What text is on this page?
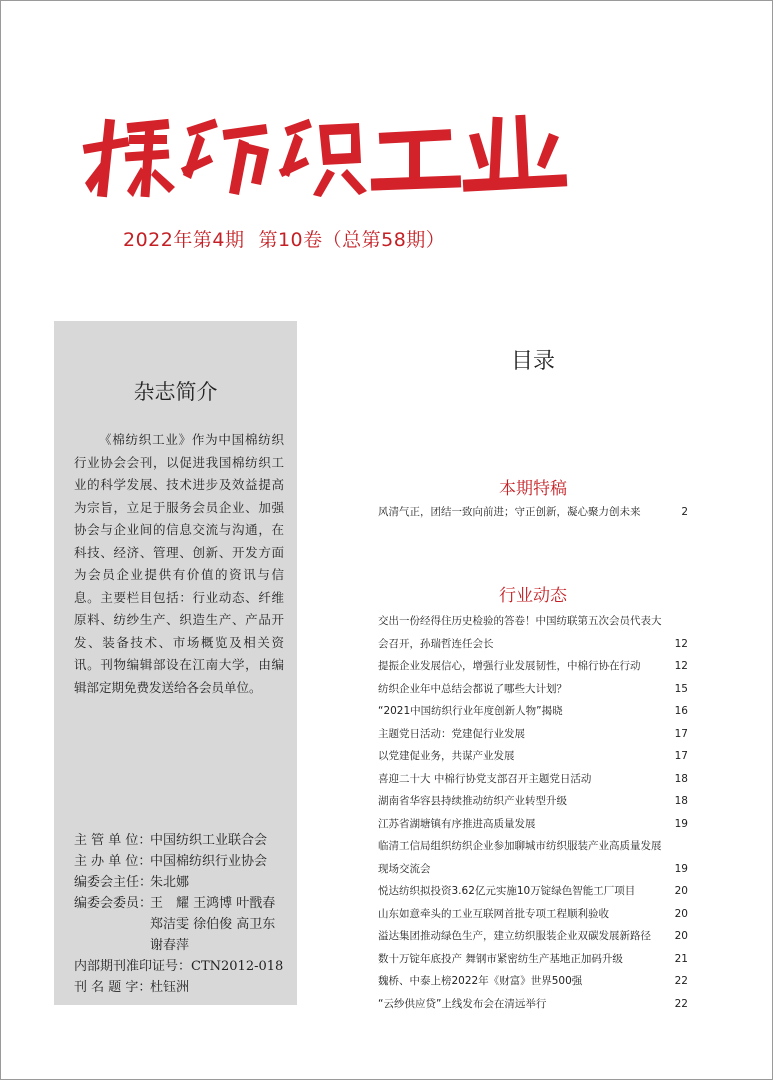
2022年第4期 第10卷（总第58期）
杂志简介
《棉纺织工业》作为中国棉纺织行业协会会刊，以促进我国棉纺织工业的科学发展、技术进步及效益提高为宗旨，立足于服务会员企业、加强协会与企业间的信息交流与沟通，在科技、经济、管理、创新、开发方面为会员企业提供有价值的资讯与信息。主要栏目包括：行业动态、纤维原料、纺纱生产、织造生产、产品开发、装备技术、市场概览及相关资讯。刊物编辑部设在江南大学，由编辑部定期免费发送给各会员单位。
主 管 单 位：
中国纺织工业联合会
主 办 单 位：
中国棉纺织行业协会
编委会主任：
朱北娜
编委会委员：
王　耀 王鸿博 叶戬春 郑洁雯 徐伯俊 高卫东 谢春萍
内部期刊准印证号： CTN2012-018
刊 名 题 字：
杜钰洲
目录
本期特稿
风清气正，团结一致向前进；守正创新，凝心聚力创未来	2
行业动态
交出一份经得住历史检验的答卷！中国纺联第五次会员代表大会召开，孙瑞哲连任会长	12
提振企业发展信心，增强行业发展韧性，中棉行协在行动	12
纺织企业年中总结会都说了哪些大计划？	15
“2021中国纺织行业年度创新人物”揭晓	16
主题党日活动：党建促行业发展	17
以党建促业务，共谋产业发展	17
喜迎二十大 中棉行协党支部召开主题党日活动	18
湖南省华容县持续推动纺织产业转型升级	18
江苏省湖塘镇有序推进高质量发展	19
临清工信局组织纺织企业参加聊城市纺织服装产业高质量发展现场交流会	19
悦达纺织拟投资3.62亿元实施10万锭绿色智能工厂项目	20
山东如意牵头的工业互联网首批专项工程顺利验收	20
溢达集团推动绿色生产，建立纺织服装企业双碳发展新路径	20
数十万锭年底投产 舞钢市紧密纺生产基地正加码升级	21
魏桥、中泰上榜2022年《财富》世界500强	22
“云纱供应贷”上线发布会在清远举行	22
